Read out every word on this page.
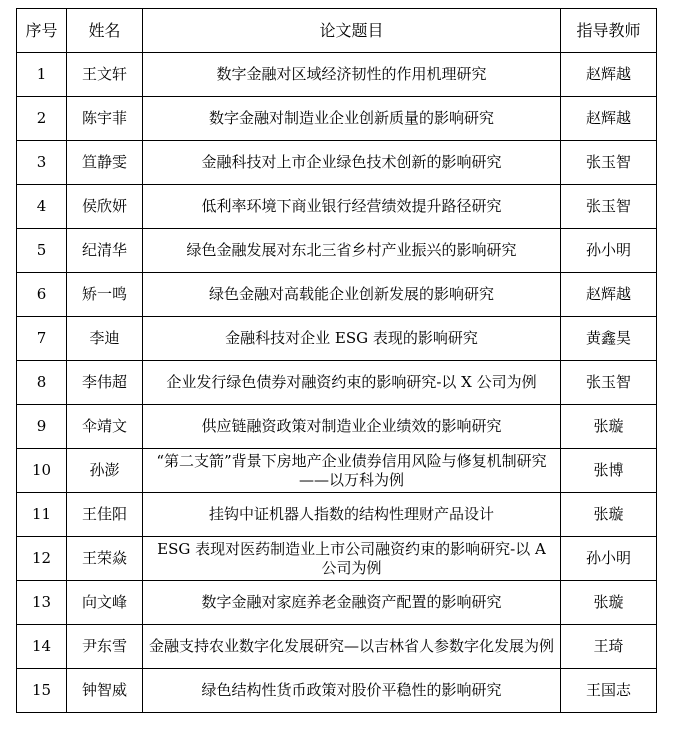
序号	姓名	论文题目	指导教师
1	王文轩	数字金融对区域经济韧性的作用机理研究	赵辉越
2	陈宇菲	数字金融对制造业企业创新质量的影响研究	赵辉越
3	笪静雯	金融科技对上市企业绿色技术创新的影响研究	张玉智
4	侯欣妍	低利率环境下商业银行经营绩效提升路径研究	张玉智
5	纪清华	绿色金融发展对东北三省乡村产业振兴的影响研究	孙小明
6	矫一鸣	绿色金融对高载能企业创新发展的影响研究	赵辉越
7	李迪	金融科技对企业 ESG 表现的影响研究	黄鑫昊
8	李伟超	企业发行绿色债券对融资约束的影响研究-以 X 公司为例	张玉智
9	伞靖文	供应链融资政策对制造业企业绩效的影响研究	张璇
10	孙澎	“第二支箭”背景下房地产企业债券信用风险与修复机制研究——以万科为例	张博
11	王佳阳	挂钩中证机器人指数的结构性理财产品设计	张璇
12	王荣焱	ESG 表现对医药制造业上市公司融资约束的影响研究-以 A 公司为例	孙小明
13	向文峰	数字金融对家庭养老金融资产配置的影响研究	张璇
14	尹东雪	金融支持农业数字化发展研究—以吉林省人参数字化发展为例	王琦
15	钟智威	绿色结构性货币政策对股价平稳性的影响研究	王国志
